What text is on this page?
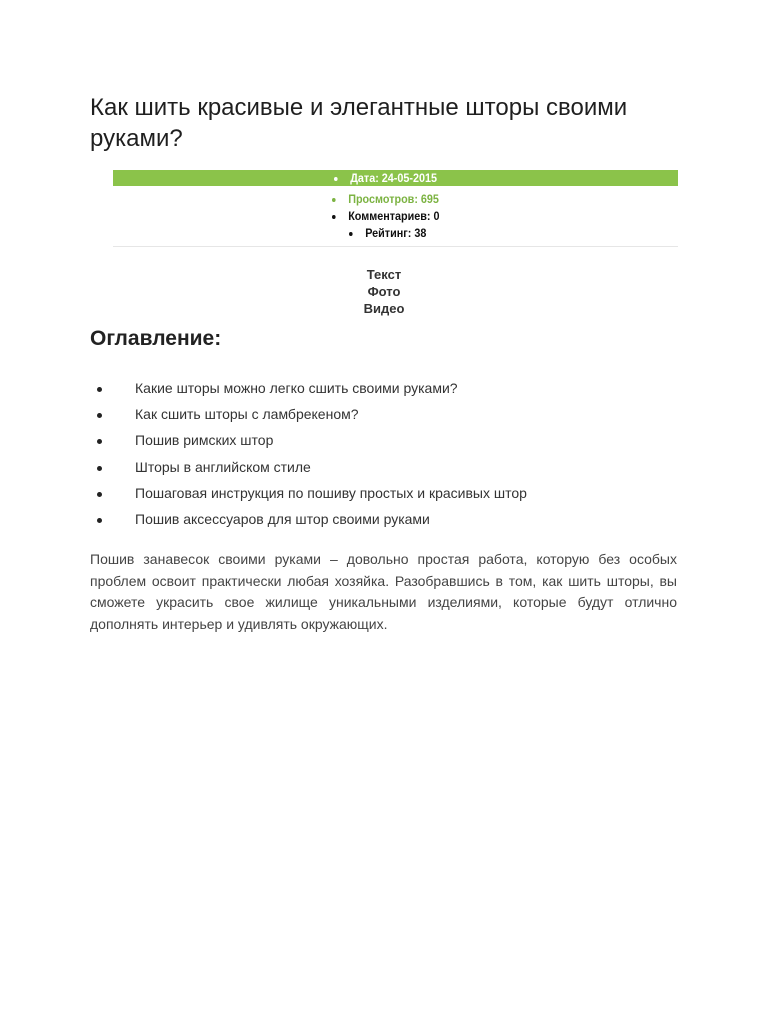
Как шить красивые и элегантные шторы своими руками?
Дата: 24-05-2015
Просмотров: 695
Комментариев: 0
Рейтинг: 38
Текст
Фото
Видео
Оглавление:
Какие шторы можно легко сшить своими руками?
Как сшить шторы с ламбрекеном?
Пошив римских штор
Шторы в английском стиле
Пошаговая инструкция по пошиву простых и красивых штор
Пошив аксессуаров для штор своими руками

Пошив занавесок своими руками – довольно простая работа, которую без особых проблем освоит практически любая хозяйка. Разобравшись в том, как шить шторы, вы сможете украсить свое жилище уникальными изделиями, которые будут отлично дополнять интерьер и удивлять окружающих.
